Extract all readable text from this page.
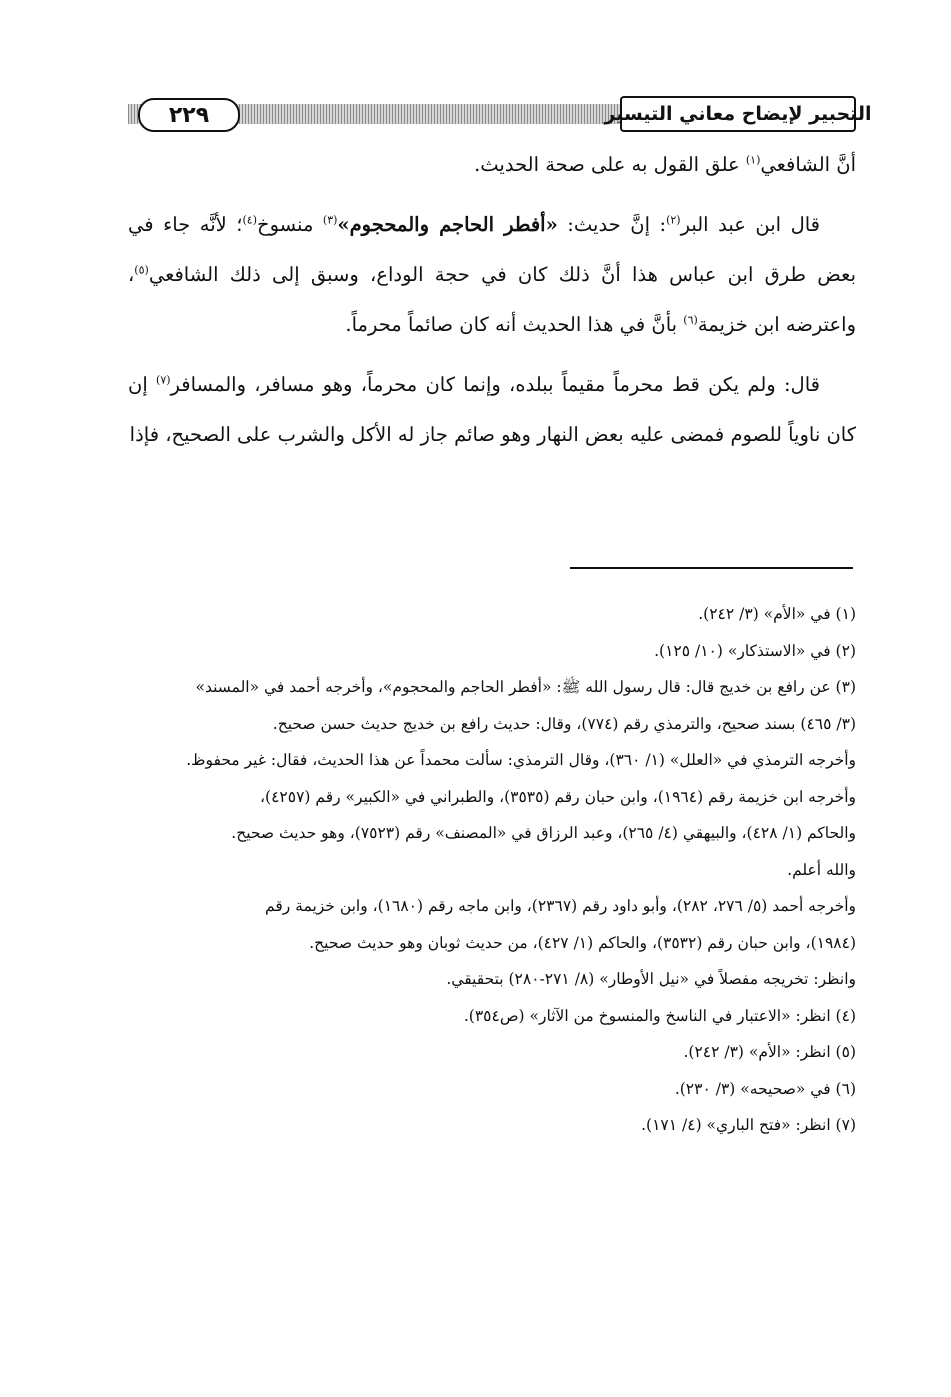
٢٢٩	التحبير لإيضاح معاني التيسير

أنَّ الشافعي$^{(١)}$ علق القول به على صحة الحديث.

قال ابن عبد البر$^{(٢)}$: إنَّ حديث: «أفطر الحاجم والمحجوم»$^{(٣)}$ منسوخ$^{(٤)}$؛ لأنَّه جاء في بعض طرق ابن عباس هذا أنَّ ذلك كان في حجة الوداع، وسبق إلى ذلك الشافعي$^{(٥)}$، واعترضه ابن خزيمة$^{(٦)}$ بأنَّ في هذا الحديث أنه كان صائماً محرماً.

قال: ولم يكن قط محرماً مقيماً ببلده، وإنما كان محرماً، وهو مسافر، والمسافر$^{(٧)}$ إن كان ناوياً للصوم فمضى عليه بعض النهار وهو صائم جاز له الأكل والشرب على الصحيح، فإذا

(١) في «الأم» (٣/ ٢٤٢).

(٢) في «الاستذكار» (١٠/ ١٢٥).

(٣) عن رافع بن خديج قال: قال رسول الله ﷺ: «أفطر الحاجم والمحجوم»، وأخرجه أحمد في «المسند»

(٣/ ٤٦٥) بسند صحيح، والترمذي رقم (٧٧٤)، وقال: حديث رافع بن خديج حديث حسن صحيح.

وأخرجه الترمذي في «العلل» (١/ ٣٦٠)، وقال الترمذي: سألت محمداً عن هذا الحديث، فقال: غير محفوظ.

وأخرجه ابن خزيمة رقم (١٩٦٤)، وابن حبان رقم (٣٥٣٥)، والطبراني في «الكبير» رقم (٤٢٥٧)،

والحاكم (١/ ٤٢٨)، والبيهقي (٤/ ٢٦٥)، وعبد الرزاق في «المصنف» رقم (٧٥٢٣)، وهو حديث صحيح.

والله أعلم.

وأخرجه أحمد (٥/ ٢٧٦، ٢٨٢)، وأبو داود رقم (٢٣٦٧)، وابن ماجه رقم (١٦٨٠)، وابن خزيمة رقم

(١٩٨٤)، وابن حبان رقم (٣٥٣٢)، والحاكم (١/ ٤٢٧)، من حديث ثوبان وهو حديث صحيح.

وانظر: تخريجه مفصلاً في «نيل الأوطار» (٨/ ٢٧١-٢٨٠) بتحقيقي.

(٤) انظر: «الاعتبار في الناسخ والمنسوخ من الآثار» (ص٣٥٤).

(٥) انظر: «الأم» (٣/ ٢٤٢).

(٦) في «صحيحه» (٣/ ٢٣٠).

(٧) انظر: «فتح الباري» (٤/ ١٧١).
